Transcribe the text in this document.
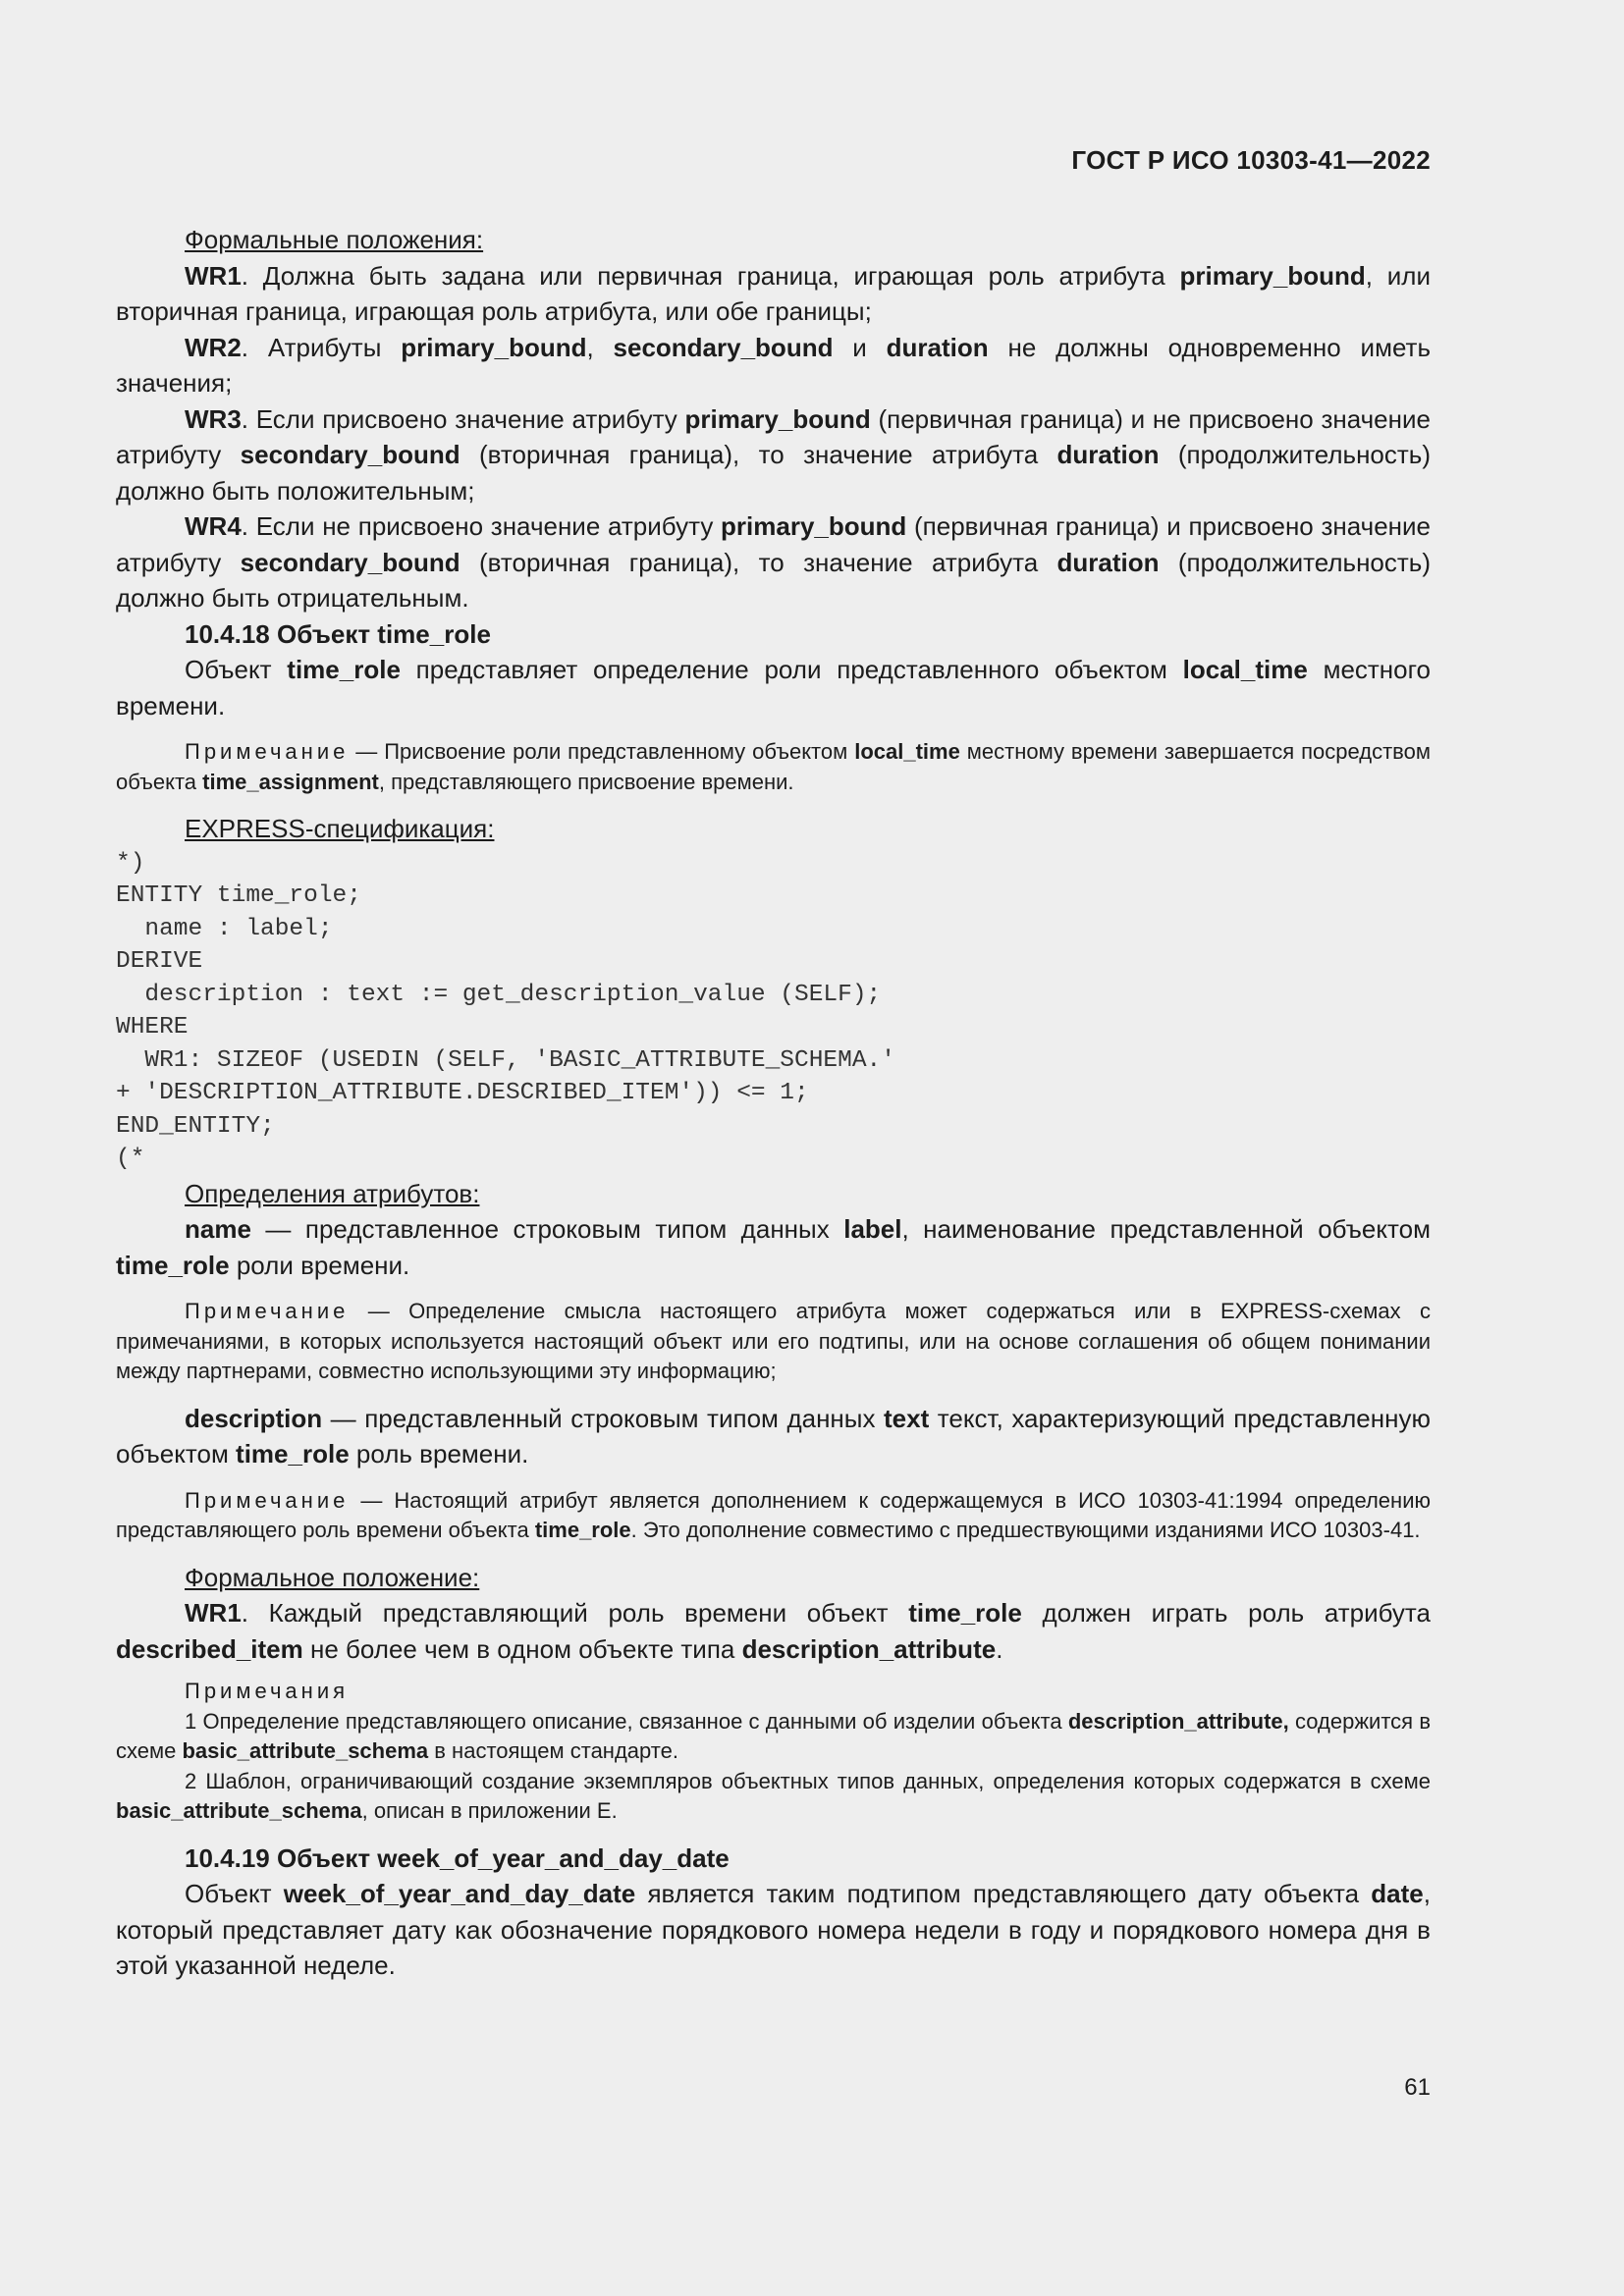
ГОСТ Р ИСО 10303-41—2022

Формальные положения:

WR1. Должна быть задана или первичная граница, играющая роль атрибута primary_bound, или вторичная граница, играющая роль атрибута, или обе границы;

WR2. Атрибуты primary_bound, secondary_bound и duration не должны одновременно иметь значения;

WR3. Если присвоено значение атрибуту primary_bound (первичная граница) и не присвоено значение атрибуту secondary_bound (вторичная граница), то значение атрибута duration (продолжительность) должно быть положительным;

WR4. Если не присвоено значение атрибуту primary_bound (первичная граница) и присвоено значение атрибуту secondary_bound (вторичная граница), то значение атрибута duration (продолжительность) должно быть отрицательным.

10.4.18 Объект time_role

Объект time_role представляет определение роли представленного объектом local_time местного времени.

Примечание — Присвоение роли представленному объектом local_time местному времени завершается посредством объекта time_assignment, представляющего присвоение времени.

EXPRESS-спецификация:

*)
ENTITY time_role;
name : label;
DERIVE
description : text := get_description_value (SELF);
WHERE
WR1: SIZEOF (USEDIN (SELF, 'BASIC_ATTRIBUTE_SCHEMA.'
+ 'DESCRIPTION_ATTRIBUTE.DESCRIBED_ITEM')) <= 1;
END_ENTITY;
(*

Определения атрибутов:

name — представленное строковым типом данных label, наименование представленной объектом time_role роли времени.

Примечание — Определение смысла настоящего атрибута может содержаться или в EXPRESS-схемах с примечаниями, в которых используется настоящий объект или его подтипы, или на основе соглашения об общем понимании между партнерами, совместно использующими эту информацию;

description — представленный строковым типом данных text текст, характеризующий представленную объектом time_role роль времени.

Примечание — Настоящий атрибут является дополнением к содержащемуся в ИСО 10303-41:1994 определению представляющего роль времени объекта time_role. Это дополнение совместимо с предшествующими изданиями ИСО 10303-41.

Формальное положение:

WR1. Каждый представляющий роль времени объект time_role должен играть роль атрибута described_item не более чем в одном объекте типа description_attribute.

Примечания

1 Определение представляющего описание, связанное с данными об изделии объекта description_attribute, содержится в схеме basic_attribute_schema в настоящем стандарте.

2 Шаблон, ограничивающий создание экземпляров объектных типов данных, определения которых содержатся в схеме basic_attribute_schema, описан в приложении Е.

10.4.19 Объект week_of_year_and_day_date

Объект week_of_year_and_day_date является таким подтипом представляющего дату объекта date, который представляет дату как обозначение порядкового номера недели в году и порядкового номера дня в этой указанной неделе.

61
